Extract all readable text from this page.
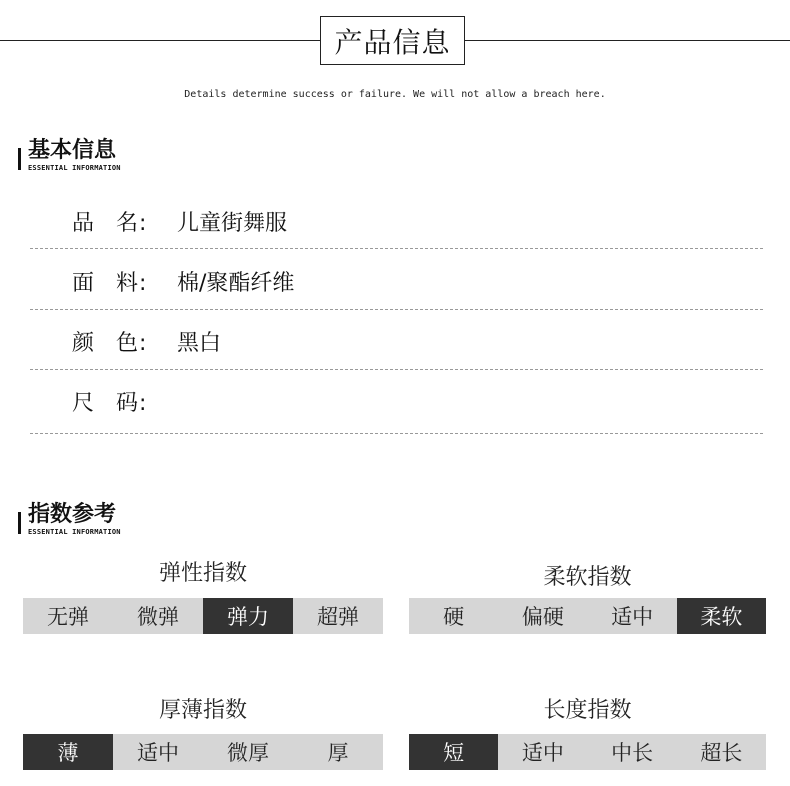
产品信息
Details determine success or failure. We will not allow a breach here.
基本信息
ESSENTIAL INFORMATION
品 名:	儿童街舞服
面 料:	棉/聚酯纤维
颜 色:	黑白
尺 码:
指数参考
ESSENTIAL INFORMATION
弹性指数
无弹	微弹	弹力	超弹
柔软指数
硬	偏硬	适中	柔软
厚薄指数
薄	适中	微厚	厚
长度指数
短	适中	中长	超长
